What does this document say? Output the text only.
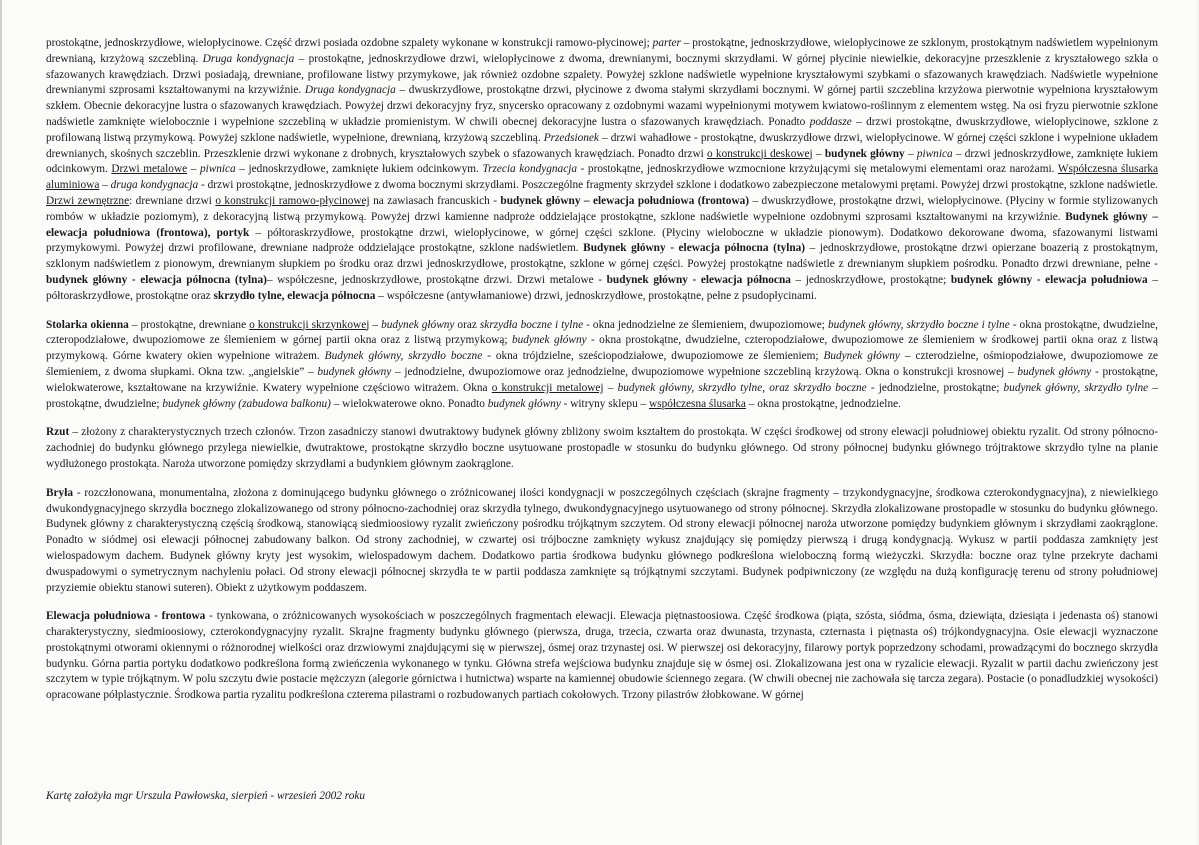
prostokątne, jednoskrzydłowe, wielopłycinowe. Część drzwi posiada ozdobne szpalety wykonane w konstrukcji ramowo-płycinowej; parter – prostokątne, jednoskrzydłowe, wielopłycinowe ze szklonym, prostokątnym nadświetlem wypełnionym drewnianą, krzyżową szczebliną. Druga kondygnacja – prostokątne, jednoskrzydłowe drzwi, wielopłycinowe z dwoma, drewnianymi, bocznymi skrzydłami. W górnej płycinie niewielkie, dekoracyjne przeszklenie z kryształowego szkła o sfazowanych krawędziach. Drzwi posiadają, drewniane, profilowane listwy przymykowe, jak również ozdobne szpalety. Powyżej szklone nadświetle wypełnione kryształowymi szybkami o sfazowanych krawędziach. Nadświetle wypełnione drewnianymi szprosami kształtowanymi na krzywiźnie. Druga kondygnacja – dwuskrzydłowe, prostokątne drzwi, płycinowe z dwoma stałymi skrzydłami bocznymi. W górnej partii szczeblina krzyżowa pierwotnie wypełniona kryształowym szkłem. Obecnie dekoracyjne lustra o sfazowanych krawędziach. Powyżej drzwi dekoracyjny fryz, snycersko opracowany z ozdobnymi wazami wypełnionymi motywem kwiatowo-roślinnym z elementem wstęg. Na osi fryzu pierwotnie szklone nadświetle zamknięte wielobocznie i wypełnione szczebliną w układzie promienistym. W chwili obecnej dekoracyjne lustra o sfazowanych krawędziach. Ponadto poddasze – drzwi prostokątne, dwuskrzydłowe, wielopłycinowe, szklone z profilowaną listwą przymykową. Powyżej szklone nadświetle, wypełnione, drewnianą, krzyżową szczebliną. Przedsionek – drzwi wahadłowe - prostokątne, dwuskrzydłowe drzwi, wielopłycinowe. W górnej części szklone i wypełnione układem drewnianych, skośnych szczeblin. Przeszklenie drzwi wykonane z drobnych, kryształowych szybek o sfazowanych krawędziach. Ponadto drzwi o konstrukcji deskowej – budynek główny – piwnica – drzwi jednoskrzydłowe, zamknięte łukiem odcinkowym. Drzwi metalowe – piwnica – jednoskrzydłowe, zamknięte łukiem odcinkowym. Trzecia kondygnacja - prostokątne, jednoskrzydłowe wzmocnione krzyżującymi się metalowymi elementami oraz narożami. Współczesna ślusarka aluminiowa – druga kondygnacja - drzwi prostokątne, jednoskrzydłowe z dwoma bocznymi skrzydłami. Poszczególne fragmenty skrzydeł szklone i dodatkowo zabezpieczone metalowymi prętami. Powyżej drzwi prostokątne, szklone nadświetle. Drzwi zewnętrzne: drewniane drzwi o konstrukcji ramowo-płycinowej na zawiasach francuskich - budynek główny – elewacja południowa (frontowa) – dwuskrzydłowe, prostokątne drzwi, wielopłycinowe. (Płyciny w formie stylizowanych rombów w układzie poziomym), z dekoracyjną listwą przymykową. Powyżej drzwi kamienne nadproże oddzielające prostokątne, szklone nadświetle wypełnione ozdobnymi szprosami kształtowanymi na krzywiźnie. Budynek główny – elewacja południowa (frontowa), portyk – półtoraskrzydłowe, prostokątne drzwi, wielopłycinowe, w górnej części szklone. (Płyciny wieloboczne w układzie pionowym). Dodatkowo dekorowane dwoma, sfazowanymi listwami przymykowymi. Powyżej drzwi profilowane, drewniane nadproże oddzielające prostokątne, szklone nadświetlem. Budynek główny - elewacja północna (tylna) – jednoskrzydłowe, prostokątne drzwi opierzane boazerią z prostokątnym, szklonym nadświetlem z pionowym, drewnianym słupkiem po środku oraz drzwi jednoskrzydłowe, prostokątne, szklone w górnej części. Powyżej prostokątne nadświetle z drewnianym słupkiem pośrodku. Ponadto drzwi drewniane, pełne - budynek główny - elewacja północna (tylna)– współczesne, jednoskrzydłowe, prostokątne drzwi. Drzwi metalowe - budynek główny - elewacja północna – jednoskrzydłowe, prostokątne; budynek główny - elewacja południowa – półtoraskrzydłowe, prostokątne oraz skrzydło tylne, elewacja północna – współczesne (antywłamaniowe) drzwi, jednoskrzydłowe, prostokątne, pełne z psudopłycinami.

Stolarka okienna – prostokątne, drewniane o konstrukcji skrzynkowej – budynek główny oraz skrzydła boczne i tylne - okna jednodzielne ze ślemieniem, dwupoziomowe; budynek główny, skrzydło boczne i tylne - okna prostokątne, dwudzielne, czteropodziałowe, dwupoziomowe ze ślemieniem w górnej partii okna oraz z listwą przymykową; budynek główny - okna prostokątne, dwudzielne, czteropodziałowe, dwupoziomowe ze ślemieniem w środkowej partii okna oraz z listwą przymykową. Górne kwatery okien wypełnione witrażem. Budynek główny, skrzydło boczne - okna trójdzielne, sześciopodziałowe, dwupoziomowe ze ślemieniem; Budynek główny – czterodzielne, ośmiopodziałowe, dwupoziomowe ze ślemieniem, z dwoma słupkami. Okna tzw. „angielskie” – budynek główny – jednodzielne, dwupoziomowe oraz jednodzielne, dwupoziomowe wypełnione szczebliną krzyżową. Okna o konstrukcji krosnowej – budynek główny - prostokątne, wielokwaterowe, kształtowane na krzywiźnie. Kwatery wypełnione częściowo witrażem. Okna o konstrukcji metalowej – budynek główny, skrzydło tylne, oraz skrzydło boczne - jednodzielne, prostokątne; budynek główny, skrzydło tylne – prostokątne, dwudzielne; budynek główny (zabudowa balkonu) – wielokwaterowe okno. Ponadto budynek główny - witryny sklepu – współczesna ślusarka – okna prostokątne, jednodzielne.

Rzut – złożony z charakterystycznych trzech członów. Trzon zasadniczy stanowi dwutraktowy budynek główny zbliżony swoim kształtem do prostokąta. W części środkowej od strony elewacji południowej obiektu ryzalit. Od strony północno-zachodniej do budynku głównego przylega niewielkie, dwutraktowe, prostokątne skrzydło boczne usytuowane prostopadle w stosunku do budynku głównego. Od strony północnej budynku głównego trójtraktowe skrzydło tylne na planie wydłużonego prostokąta. Naroża utworzone pomiędzy skrzydłami a budynkiem głównym zaokrąglone.

Bryła - rozczłonowana, monumentalna, złożona z dominującego budynku głównego o zróżnicowanej ilości kondygnacji w poszczególnych częściach (skrajne fragmenty – trzykondygnacyjne, środkowa czterokondygnacyjna), z niewielkiego dwukondygnacyjnego skrzydła bocznego zlokalizowanego od strony północno-zachodniej oraz skrzydła tylnego, dwukondygnacyjnego usytuowanego od strony północnej. Skrzydła zlokalizowane prostopadle w stosunku do budynku głównego. Budynek główny z charakterystyczną częścią środkową, stanowiącą siedmioosiowy ryzalit zwieńczony pośrodku trójkątnym szczytem. Od strony elewacji północnej naroża utworzone pomiędzy budynkiem głównym i skrzydłami zaokrąglone. Ponadto w siódmej osi elewacji północnej zabudowany balkon. Od strony zachodniej, w czwartej osi trójboczne zamknięty wykusz znajdujący się pomiędzy pierwszą i drugą kondygnacją. Wykusz w partii poddasza zamknięty jest wielospadowym dachem. Budynek główny kryty jest wysokim, wielospadowym dachem. Dodatkowo partia środkowa budynku głównego podkreślona wieloboczną formą wieżyczki. Skrzydła: boczne oraz tylne przekryte dachami dwuspadowymi o symetrycznym nachyleniu połaci. Od strony elewacji północnej skrzydła te w partii poddasza zamknięte są trójkątnymi szczytami. Budynek podpiwniczony (ze względu na dużą konfigurację terenu od strony południowej przyziemie obiektu stanowi suteren). Obiekt z użytkowym poddaszem.

Elewacja południowa - frontowa - tynkowana, o zróżnicowanych wysokościach w poszczególnych fragmentach elewacji. Elewacja piętnastoosiowa. Część środkowa (piąta, szósta, siódma, ósma, dziewiąta, dziesiąta i jedenasta oś) stanowi charakterystyczny, siedmioosiowy, czterokondygnacyjny ryzalit. Skrajne fragmenty budynku głównego (pierwsza, druga, trzecia, czwarta oraz dwunasta, trzynasta, czternasta i piętnasta oś) trójkondygnacyjna. Osie elewacji wyznaczone prostokątnymi otworami okiennymi o różnorodnej wielkości oraz drzwiowymi znajdującymi się w pierwszej, ósmej oraz trzynastej osi. W pierwszej osi dekoracyjny, filarowy portyk poprzedzony schodami, prowadzącymi do bocznego skrzydła budynku. Górna partia portyku dodatkowo podkreślona formą zwieńczenia wykonanego w tynku. Główna strefa wejściowa budynku znajduje się w ósmej osi. Zlokalizowana jest ona w ryzalicie elewacji. Ryzalit w partii dachu zwieńczony jest szczytem w typie trójkątnym. W polu szczytu dwie postacie mężczyzn (alegorie górnictwa i hutnictwa) wsparte na kamiennej obudowie ściennego zegara. (W chwili obecnej nie zachowała się tarcza zegara). Postacie (o ponadludzkiej wysokości) opracowane półplastycznie. Środkowa partia ryzalitu podkreślona czterema pilastrami o rozbudowanych partiach cokołowych. Trzony pilastrów żłobkowane. W górnej

Kartę założyła mgr Urszula Pawłowska, sierpień - wrzesień 2002 roku
